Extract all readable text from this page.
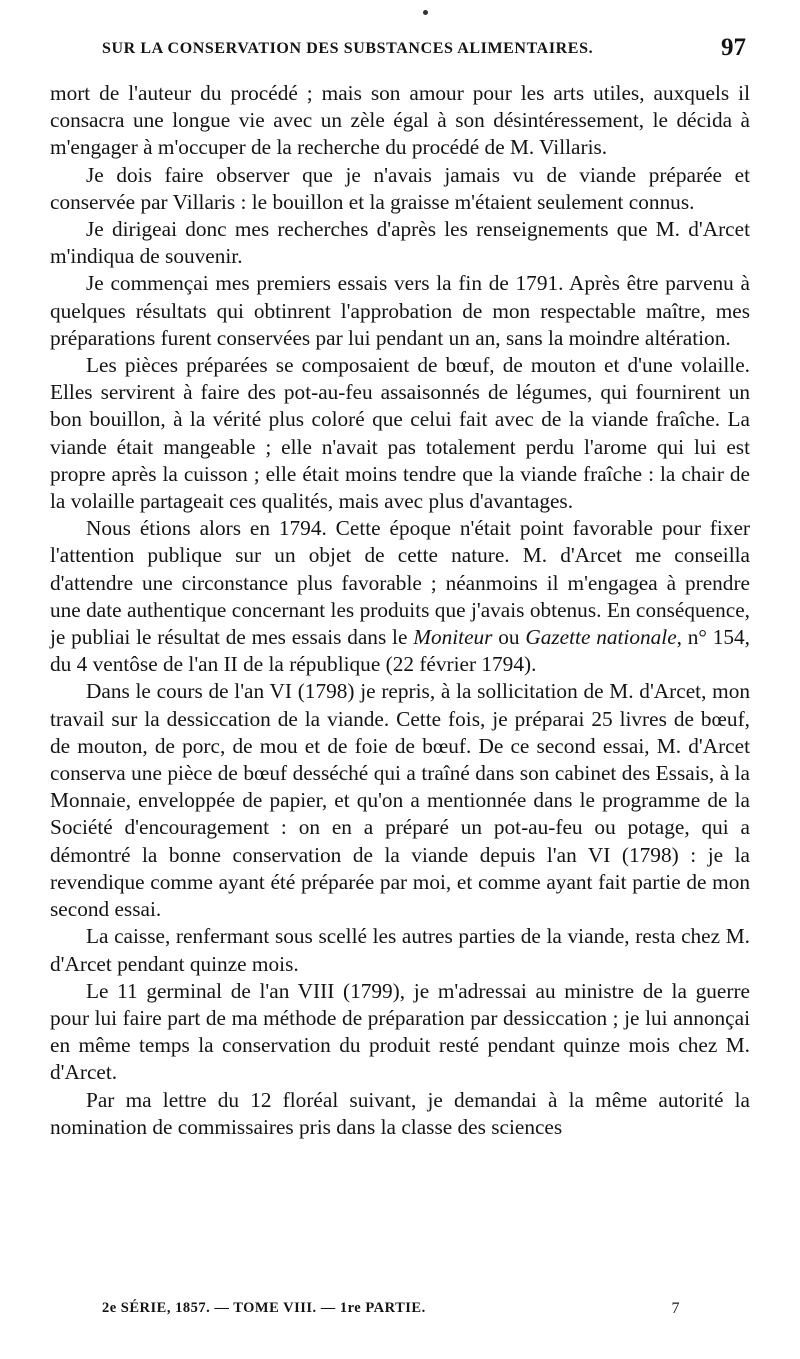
SUR LA CONSERVATION DES SUBSTANCES ALIMENTAIRES.	97

mort de l'auteur du procédé ; mais son amour pour les arts utiles, auxquels il consacra une longue vie avec un zèle égal à son désintéressement, le décida à m'engager à m'occuper de la recherche du procédé de M. Villaris.

Je dois faire observer que je n'avais jamais vu de viande préparée et conservée par Villaris : le bouillon et la graisse m'étaient seulement connus.

Je dirigeai donc mes recherches d'après les renseignements que M. d'Arcet m'indiqua de souvenir.

Je commençai mes premiers essais vers la fin de 1791. Après être parvenu à quelques résultats qui obtinrent l'approbation de mon respectable maître, mes préparations furent conservées par lui pendant un an, sans la moindre altération.

Les pièces préparées se composaient de bœuf, de mouton et d'une volaille. Elles servirent à faire des pot-au-feu assaisonnés de légumes, qui fournirent un bon bouillon, à la vérité plus coloré que celui fait avec de la viande fraîche. La viande était mangeable ; elle n'avait pas totalement perdu l'arome qui lui est propre après la cuisson ; elle était moins tendre que la viande fraîche : la chair de la volaille partageait ces qualités, mais avec plus d'avantages.

Nous étions alors en 1794. Cette époque n'était point favorable pour fixer l'attention publique sur un objet de cette nature. M. d'Arcet me conseilla d'attendre une circonstance plus favorable ; néanmoins il m'engagea à prendre une date authentique concernant les produits que j'avais obtenus. En conséquence, je publiai le résultat de mes essais dans le Moniteur ou Gazette nationale, n° 154, du 4 ventôse de l'an II de la république (22 février 1794).

Dans le cours de l'an VI (1798) je repris, à la sollicitation de M. d'Arcet, mon travail sur la dessiccation de la viande. Cette fois, je préparai 25 livres de bœuf, de mouton, de porc, de mou et de foie de bœuf. De ce second essai, M. d'Arcet conserva une pièce de bœuf desséché qui a traîné dans son cabinet des Essais, à la Monnaie, enveloppée de papier, et qu'on a mentionnée dans le programme de la Société d'encouragement : on en a préparé un pot-au-feu ou potage, qui a démontré la bonne conservation de la viande depuis l'an VI (1798) : je la revendique comme ayant été préparée par moi, et comme ayant fait partie de mon second essai.

La caisse, renfermant sous scellé les autres parties de la viande, resta chez M. d'Arcet pendant quinze mois.

Le 11 germinal de l'an VIII (1799), je m'adressai au ministre de la guerre pour lui faire part de ma méthode de préparation par dessiccation ; je lui annonçai en même temps la conservation du produit resté pendant quinze mois chez M. d'Arcet.

Par ma lettre du 12 floréal suivant, je demandai à la même autorité la nomination de commissaires pris dans la classe des sciences

2e SÉRIE, 1857. — TOME VIII. — 1re PARTIE.	7
